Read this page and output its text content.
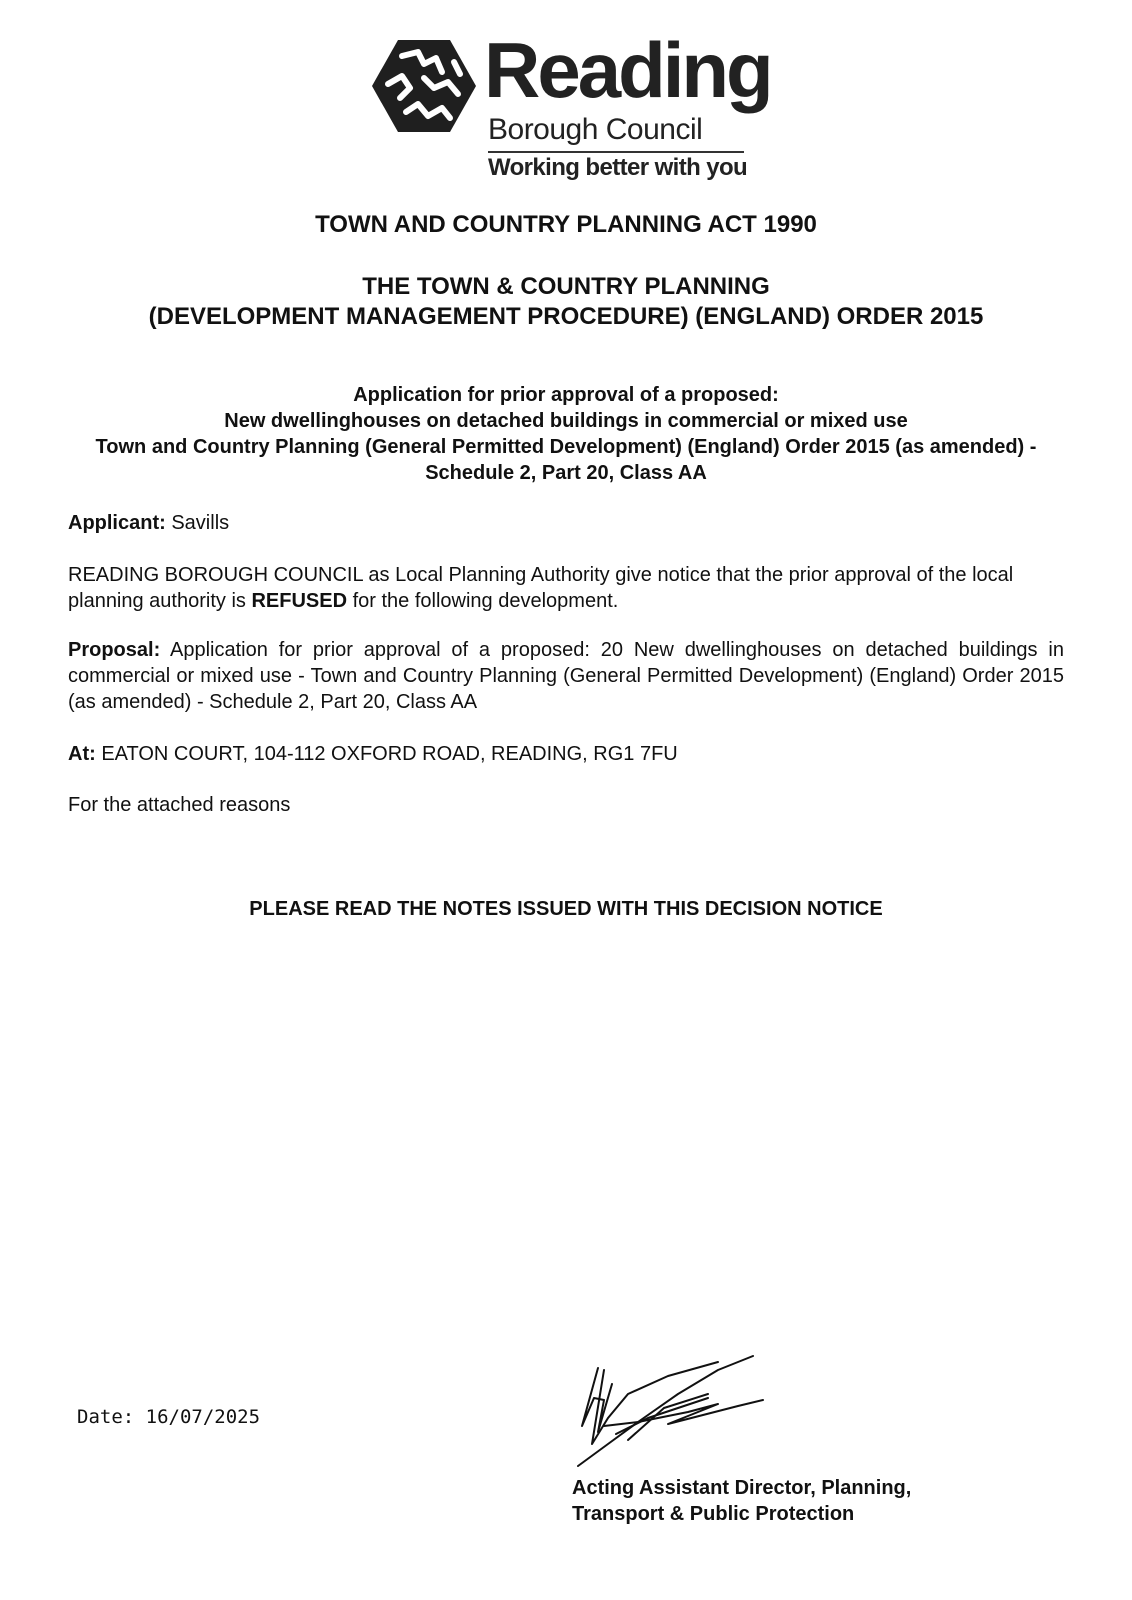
Reading
Borough Council
Working better with you
TOWN AND COUNTRY PLANNING ACT 1990
THE TOWN & COUNTRY PLANNING
(DEVELOPMENT MANAGEMENT PROCEDURE) (ENGLAND) ORDER 2015
Application for prior approval of a proposed:
New dwellinghouses on detached buildings in commercial or mixed use
Town and Country Planning (General Permitted Development) (England) Order 2015 (as amended) - Schedule 2, Part 20, Class AA
Applicant: Savills
READING BOROUGH COUNCIL as Local Planning Authority give notice that the prior approval of the local planning authority is REFUSED for the following development.
Proposal: Application for prior approval of a proposed: 20 New dwellinghouses on detached buildings in commercial or mixed use - Town and Country Planning (General Permitted Development) (England) Order 2015 (as amended) - Schedule 2, Part 20, Class AA
At: EATON COURT, 104-112 OXFORD ROAD, READING, RG1 7FU
For the attached reasons
PLEASE READ THE NOTES ISSUED WITH THIS DECISION NOTICE
Date: 16/07/2025
Acting Assistant Director, Planning,
Transport & Public Protection
